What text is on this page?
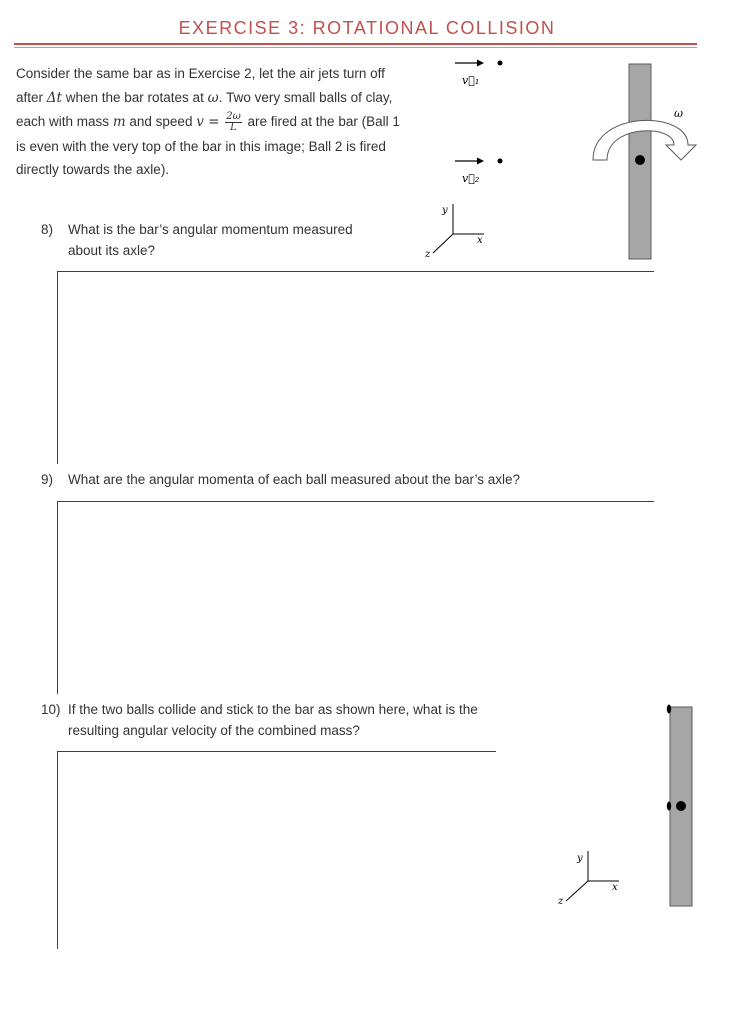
EXERCISE 3: ROTATIONAL COLLISION
Consider the same bar as in Exercise 2, let the air jets turn off after Δt when the bar rotates at ω. Two very small balls of clay, each with mass m and speed $v = \frac{2\omega}{L}$ are fired at the bar (Ball 1 is even with the very top of the bar in this image; Ball 2 is fired directly towards the axle).
v⃗₁
v⃗₂
y
x
z
ω
8)	What is the bar’s angular momentum measured about its axle?
9)	What are the angular momenta of each ball measured about the bar’s axle?
10) If the two balls collide and stick to the bar as shown here, what is the resulting angular velocity of the combined mass?
y
x
z
